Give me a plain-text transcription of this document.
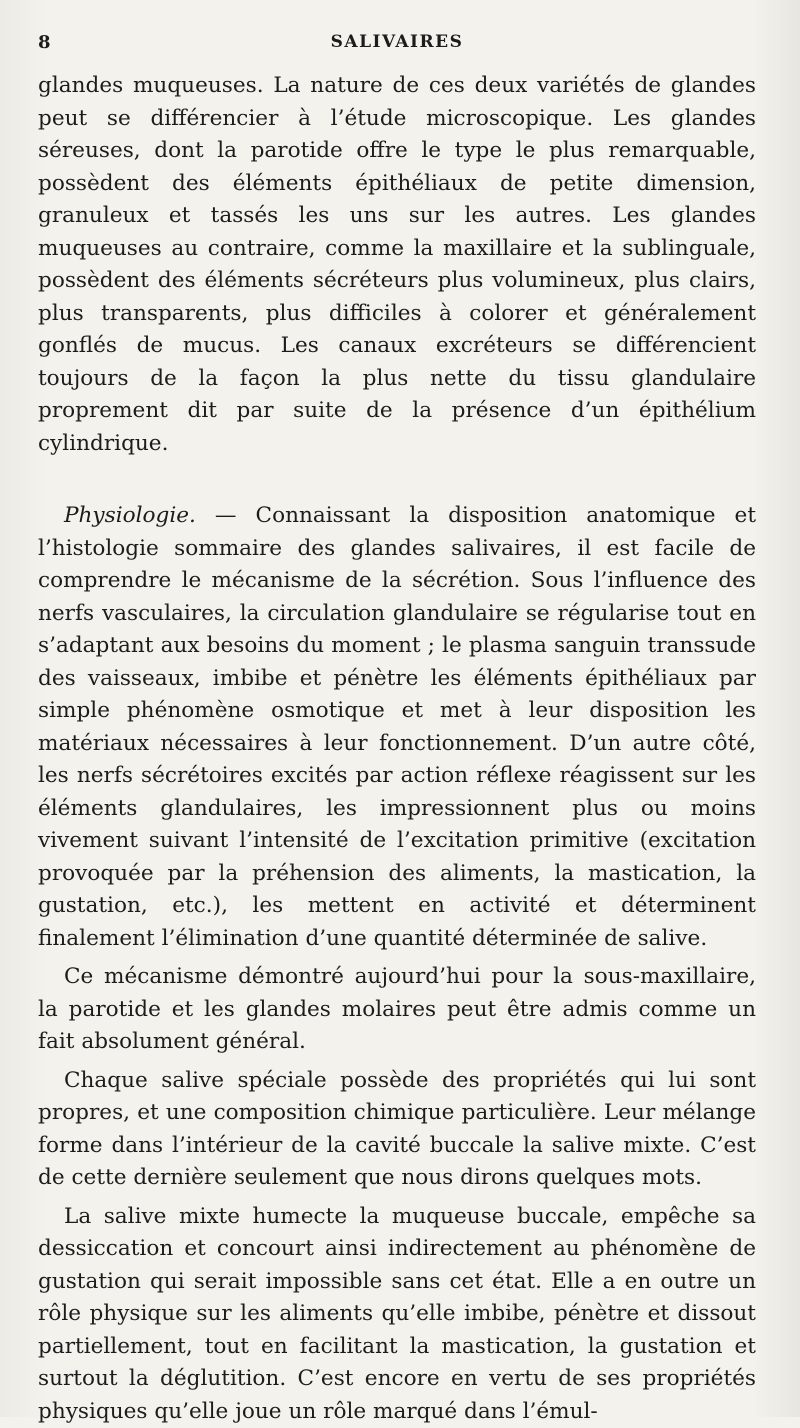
8	SALIVAIRES

glandes muqueuses. La nature de ces deux variétés de glandes peut se différencier à l’étude microscopique. Les glandes séreuses, dont la parotide offre le type le plus remarquable, possèdent des éléments épithéliaux de petite dimension, granuleux et tassés les uns sur les autres. Les glandes muqueuses au contraire, comme la maxillaire et la sublinguale, possèdent des éléments sécréteurs plus volumineux, plus clairs, plus transparents, plus difficiles à colorer et généralement gonflés de mucus. Les canaux excréteurs se différencient toujours de la façon la plus nette du tissu glandulaire proprement dit par suite de la présence d’un épithélium cylindrique.

Physiologie. — Connaissant la disposition anatomique et l’histologie sommaire des glandes salivaires, il est facile de comprendre le mécanisme de la sécrétion. Sous l’influence des nerfs vasculaires, la circulation glandulaire se régularise tout en s’adaptant aux besoins du moment ; le plasma sanguin transsude des vaisseaux, imbibe et pénètre les éléments épithéliaux par simple phénomène osmotique et met à leur disposition les matériaux nécessaires à leur fonctionnement. D’un autre côté, les nerfs sécrétoires excités par action réflexe réagissent sur les éléments glandulaires, les impressionnent plus ou moins vivement suivant l’intensité de l’excitation primitive (excitation provoquée par la préhension des aliments, la mastication, la gustation, etc.), les mettent en activité et déterminent finalement l’élimination d’une quantité déterminée de salive.

Ce mécanisme démontré aujourd’hui pour la sous-maxillaire, la parotide et les glandes molaires peut être admis comme un fait absolument général.

Chaque salive spéciale possède des propriétés qui lui sont propres, et une composition chimique particulière. Leur mélange forme dans l’intérieur de la cavité buccale la salive mixte. C’est de cette dernière seulement que nous dirons quelques mots.

La salive mixte humecte la muqueuse buccale, empêche sa dessiccation et concourt ainsi indirectement au phénomène de gustation qui serait impossible sans cet état. Elle a en outre un rôle physique sur les aliments qu’elle imbibe, pénètre et dissout partiellement, tout en facilitant la mastication, la gustation et surtout la déglutition. C’est encore en vertu de ses propriétés physiques qu’elle joue un rôle marqué dans l’émul-
